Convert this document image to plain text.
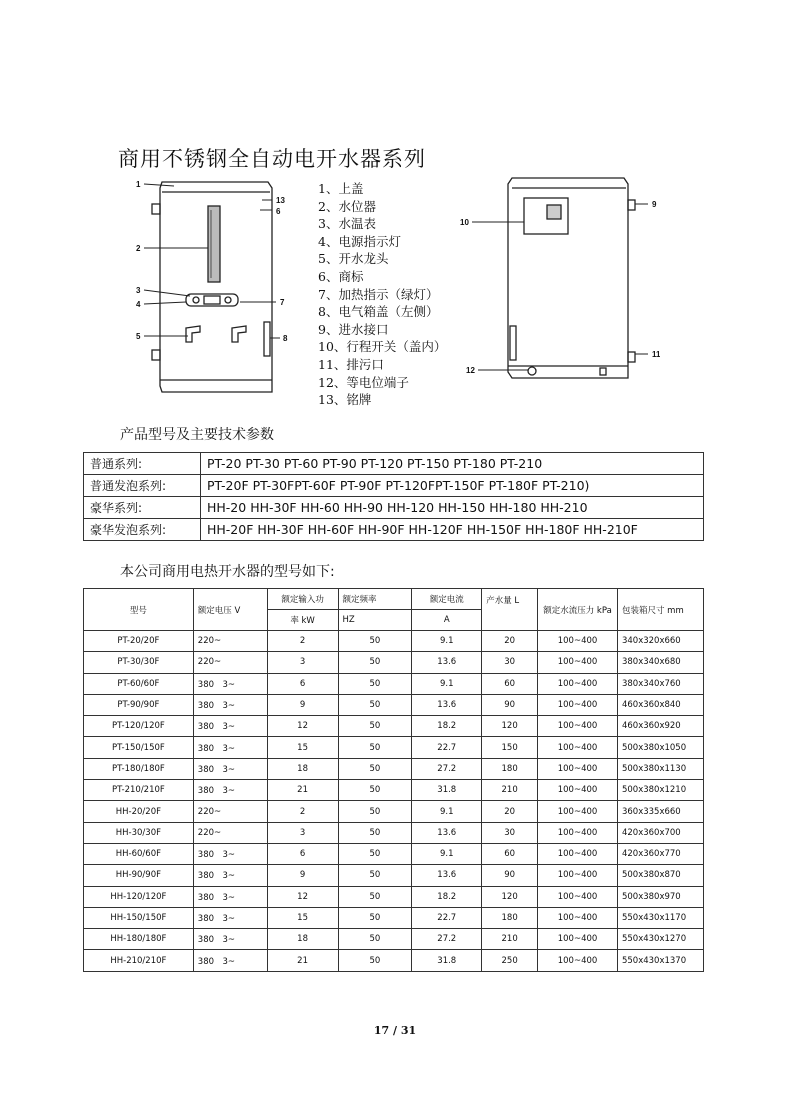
商用不锈钢全自动电开水器系列
1
2
3
4
5
13
6
7
8
10
9
12
11
1、上盖
2、水位器
3、水温表
4、电源指示灯
5、开水龙头
6、商标
7、加热指示（绿灯）
8、电气箱盖（左侧）
9、进水接口
10、行程开关（盖内）
11、排污口
12、等电位端子
13、铭牌
产品型号及主要技术参数
普通系列:	PT-20 PT-30 PT-60 PT-90 PT-120 PT-150 PT-180 PT-210
普通发泡系列:	PT-20F PT-30FPT-60F PT-90F PT-120FPT-150F PT-180F PT-210)
豪华系列:	HH-20 HH-30F HH-60 HH-90 HH-120 HH-150 HH-180 HH-210
豪华发泡系列:	HH-20F HH-30F HH-60F HH-90F HH-120F HH-150F HH-180F HH-210F
本公司商用电热开水器的型号如下:
型号	额定电压 V	额定输入功	额定频率	额定电流	产水量 L	额定水流压力 kPa	包装箱尺寸 mm
		率 kW	HZ	A			
PT-20/20F	220~	2	50	9.1	20	100~400	340x320x660
PT-30/30F	220~	3	50	13.6	30	100~400	380x340x680
PT-60/60F	380　3~	6	50	9.1	60	100~400	380x340x760
PT-90/90F	380　3~	9	50	13.6	90	100~400	460x360x840
PT-120/120F	380　3~	12	50	18.2	120	100~400	460x360x920
PT-150/150F	380　3~	15	50	22.7	150	100~400	500x380x1050
PT-180/180F	380　3~	18	50	27.2	180	100~400	500x380x1130
PT-210/210F	380　3~	21	50	31.8	210	100~400	500x380x1210
HH-20/20F	220~	2	50	9.1	20	100~400	360x335x660
HH-30/30F	220~	3	50	13.6	30	100~400	420x360x700
HH-60/60F	380　3~	6	50	9.1	60	100~400	420x360x770
HH-90/90F	380　3~	9	50	13.6	90	100~400	500x380x870
HH-120/120F	380　3~	12	50	18.2	120	100~400	500x380x970
HH-150/150F	380　3~	15	50	22.7	180	100~400	550x430x1170
HH-180/180F	380　3~	18	50	27.2	210	100~400	550x430x1270
HH-210/210F	380　3~	21	50	31.8	250	100~400	550x430x1370
17 / 31
